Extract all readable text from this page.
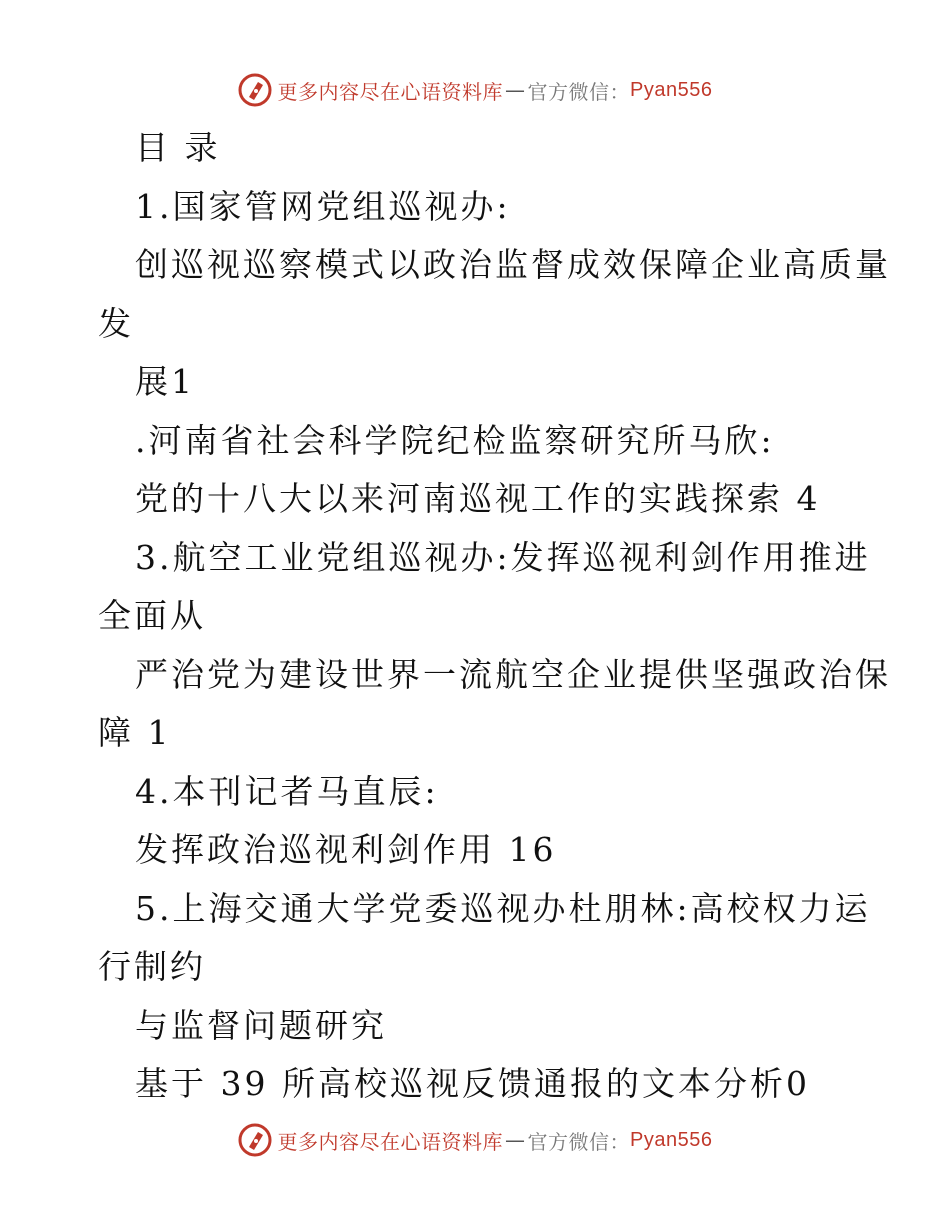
更多内容尽在心语资料库 — 官方微信： Pyan556
目 录
1.国家管网党组巡视办:
创巡视巡察模式以政治监督成效保障企业高质量
发
展1
.河南省社会科学院纪检监察研究所马欣:
党的十八大以来河南巡视工作的实践探索 4
3.航空工业党组巡视办:发挥巡视利剑作用推进
全面从
严治党为建设世界一流航空企业提供坚强政治保
障 1
4.本刊记者马直辰:
发挥政治巡视利剑作用 16
5.上海交通大学党委巡视办杜朋林:高校权力运
行制约
与监督问题研究
基于 39 所高校巡视反馈通报的文本分析0
更多内容尽在心语资料库 — 官方微信： Pyan556
